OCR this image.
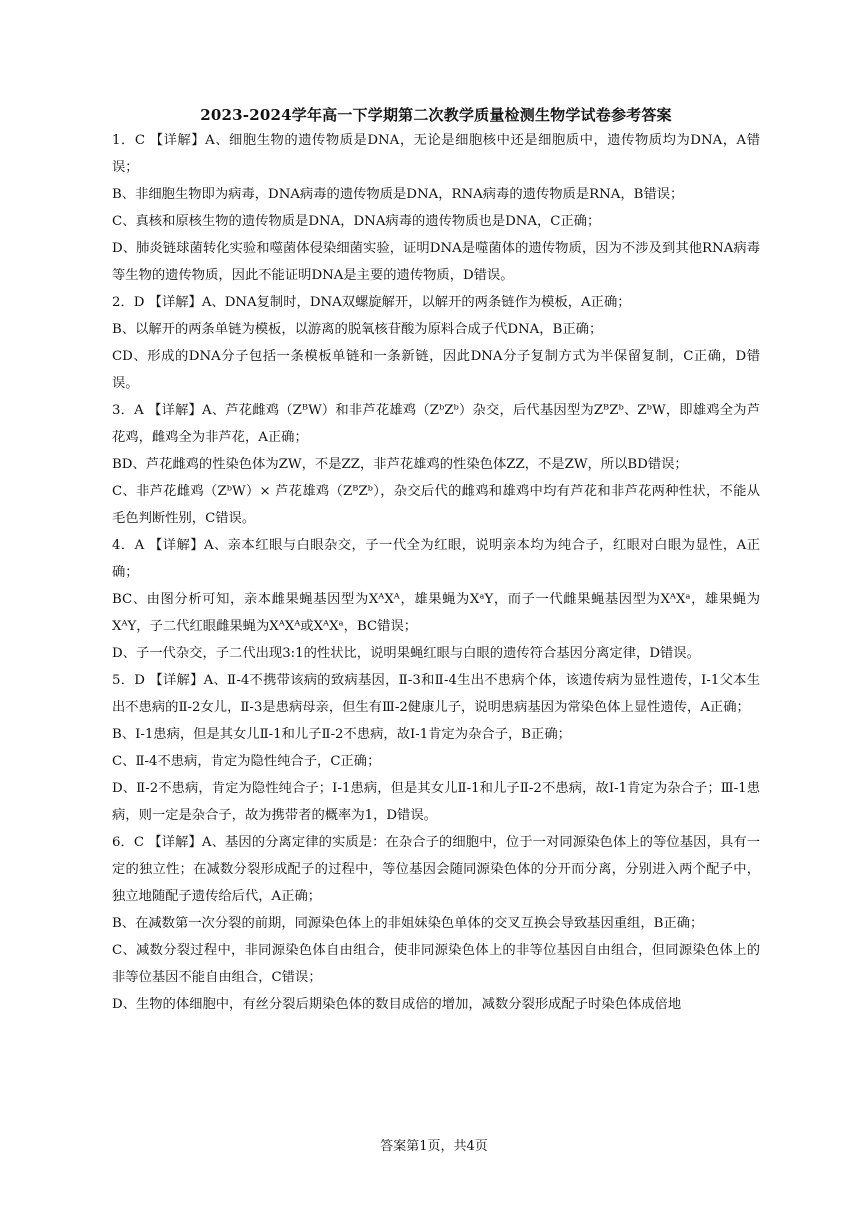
2023-2024学年高一下学期第二次教学质量检测生物学试卷参考答案

1．C 【详解】A、细胞生物的遗传物质是DNA，无论是细胞核中还是细胞质中，遗传物质均为DNA，A错误；

B、非细胞生物即为病毒，DNA病毒的遗传物质是DNA，RNA病毒的遗传物质是RNA，B错误；

C、真核和原核生物的遗传物质是DNA，DNA病毒的遗传物质也是DNA，C正确；

D、肺炎链球菌转化实验和噬菌体侵染细菌实验，证明DNA是噬菌体的遗传物质，因为不涉及到其他RNA病毒等生物的遗传物质，因此不能证明DNA是主要的遗传物质，D错误。

2．D 【详解】A、DNA复制时，DNA双螺旋解开，以解开的两条链作为模板，A正确；

B、以解开的两条单链为模板，以游离的脱氧核苷酸为原料合成子代DNA，B正确；

CD、形成的DNA分子包括一条模板单链和一条新链，因此DNA分子复制方式为半保留复制，C正确，D错误。

3．A 【详解】A、芦花雌鸡（ZᴮW）和非芦花雄鸡（ZᵇZᵇ）杂交，后代基因型为ZᴮZᵇ、ZᵇW，即雄鸡全为芦花鸡，雌鸡全为非芦花，A正确；

BD、芦花雌鸡的性染色体为ZW，不是ZZ，非芦花雄鸡的性染色体ZZ，不是ZW，所以BD错误；

C、非芦花雌鸡（ZᵇW）× 芦花雄鸡（ZᴮZᵇ），杂交后代的雌鸡和雄鸡中均有芦花和非芦花两种性状，不能从毛色判断性别，C错误。

4．A 【详解】A、亲本红眼与白眼杂交，子一代全为红眼，说明亲本均为纯合子，红眼对白眼为显性，A正确；

BC、由图分析可知，亲本雌果蝇基因型为XᴬXᴬ，雄果蝇为XᵃY，而子一代雌果蝇基因型为XᴬXᵃ，雄果蝇为XᴬY，子二代红眼雌果蝇为XᴬXᴬ或XᴬXᵃ，BC错误；

D、子一代杂交，子二代出现3:1的性状比，说明果蝇红眼与白眼的遗传符合基因分离定律，D错误。

5．D 【详解】A、Ⅱ-4不携带该病的致病基因，Ⅱ-3和Ⅱ-4生出不患病个体，该遗传病为显性遗传，I-1父本生出不患病的Ⅱ-2女儿，Ⅱ-3是患病母亲，但生有Ⅲ-2健康儿子，说明患病基因为常染色体上显性遗传，A正确；

B、Ⅰ-1患病，但是其女儿Ⅱ-1和儿子Ⅱ-2不患病，故I-1肯定为杂合子，B正确；

C、Ⅱ-4不患病，肯定为隐性纯合子，C正确；

D、Ⅱ-2不患病，肯定为隐性纯合子；Ⅰ-1患病，但是其女儿Ⅱ-1和儿子Ⅱ-2不患病，故I-1肯定为杂合子；Ⅲ-1患病，则一定是杂合子，故为携带者的概率为1，D错误。

6．C 【详解】A、基因的分离定律的实质是：在杂合子的细胞中，位于一对同源染色体上的等位基因，具有一定的独立性；在减数分裂形成配子的过程中，等位基因会随同源染色体的分开而分离，分别进入两个配子中，独立地随配子遗传给后代，A正确；

B、在减数第一次分裂的前期，同源染色体上的非姐妹染色单体的交叉互换会导致基因重组，B正确；

C、减数分裂过程中，非同源染色体自由组合，使非同源染色体上的非等位基因自由组合，但同源染色体上的非等位基因不能自由组合，C错误；

D、生物的体细胞中，有丝分裂后期染色体的数目成倍的增加，减数分裂形成配子时染色体成倍地

答案第1页，共4页
